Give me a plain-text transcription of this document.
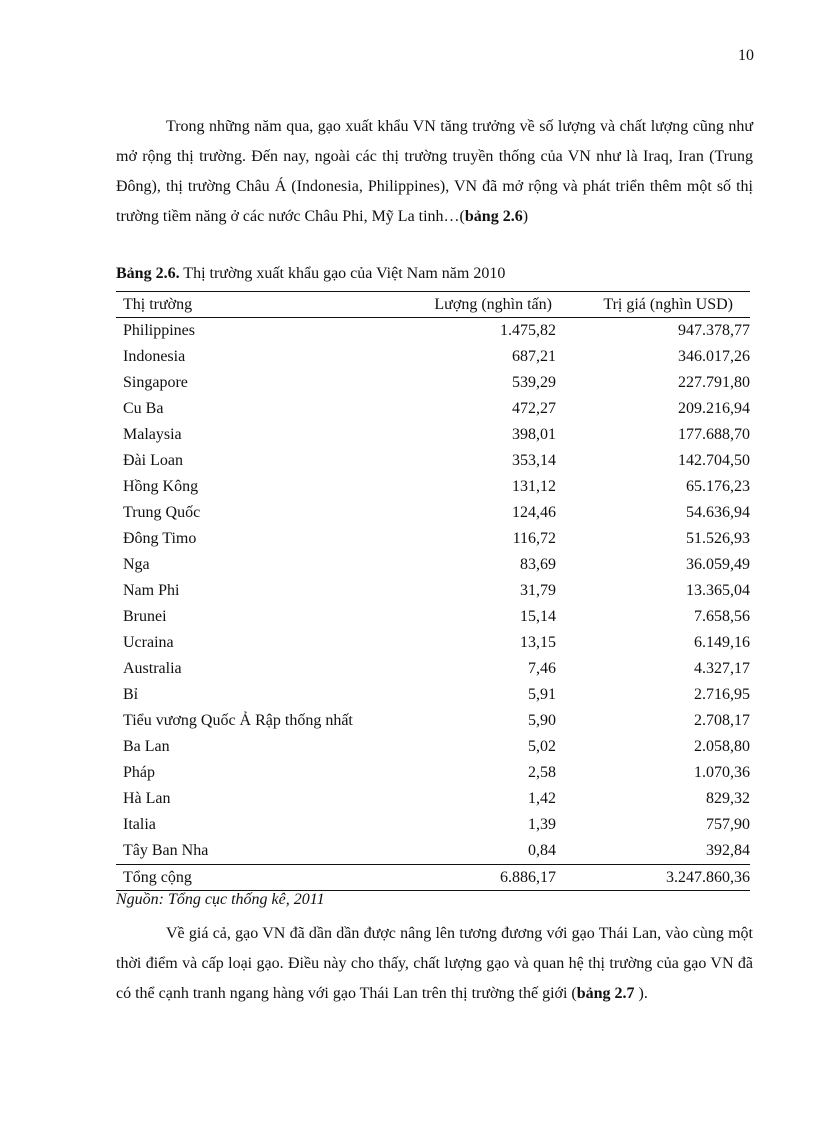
10

Trong những năm qua, gạo xuất khẩu VN tăng trưởng về số lượng và chất lượng cũng như mở rộng thị trường. Đến nay, ngoài các thị trường truyền thống của VN như là Iraq, Iran (Trung Đông), thị trường Châu Á (Indonesia, Philippines), VN đã mở rộng và phát triển thêm một số thị trường tiềm năng ở các nước Châu Phi, Mỹ La tinh…(bảng 2.6)

Bảng 2.6. Thị trường xuất khẩu gạo của Việt Nam năm 2010

Thị trường	Lượng (nghìn tấn)	Trị giá (nghìn USD)
Philippines	1.475,82	947.378,77
Indonesia	687,21	346.017,26
Singapore	539,29	227.791,80
Cu Ba	472,27	209.216,94
Malaysia	398,01	177.688,70
Đài Loan	353,14	142.704,50
Hồng Kông	131,12	65.176,23
Trung Quốc	124,46	54.636,94
Đông Timo	116,72	51.526,93
Nga	83,69	36.059,49
Nam Phi	31,79	13.365,04
Brunei	15,14	7.658,56
Ucraina	13,15	6.149,16
Australia	7,46	4.327,17
Bỉ	5,91	2.716,95
Tiểu vương Quốc Ả Rập thống nhất	5,90	2.708,17
Ba Lan	5,02	2.058,80
Pháp	2,58	1.070,36
Hà Lan	1,42	829,32
Italia	1,39	757,90
Tây Ban Nha	0,84	392,84
Tổng cộng	6.886,17	3.247.860,36

Nguồn: Tổng cục thống kê, 2011

Về giá cả, gạo VN đã dần dần được nâng lên tương đương với gạo Thái Lan, vào cùng một thời điểm và cấp loại gạo. Điều này cho thấy, chất lượng gạo và quan hệ thị trường của gạo VN đã có thể cạnh tranh ngang hàng với gạo Thái Lan trên thị trường thế giới (bảng 2.7 ).
